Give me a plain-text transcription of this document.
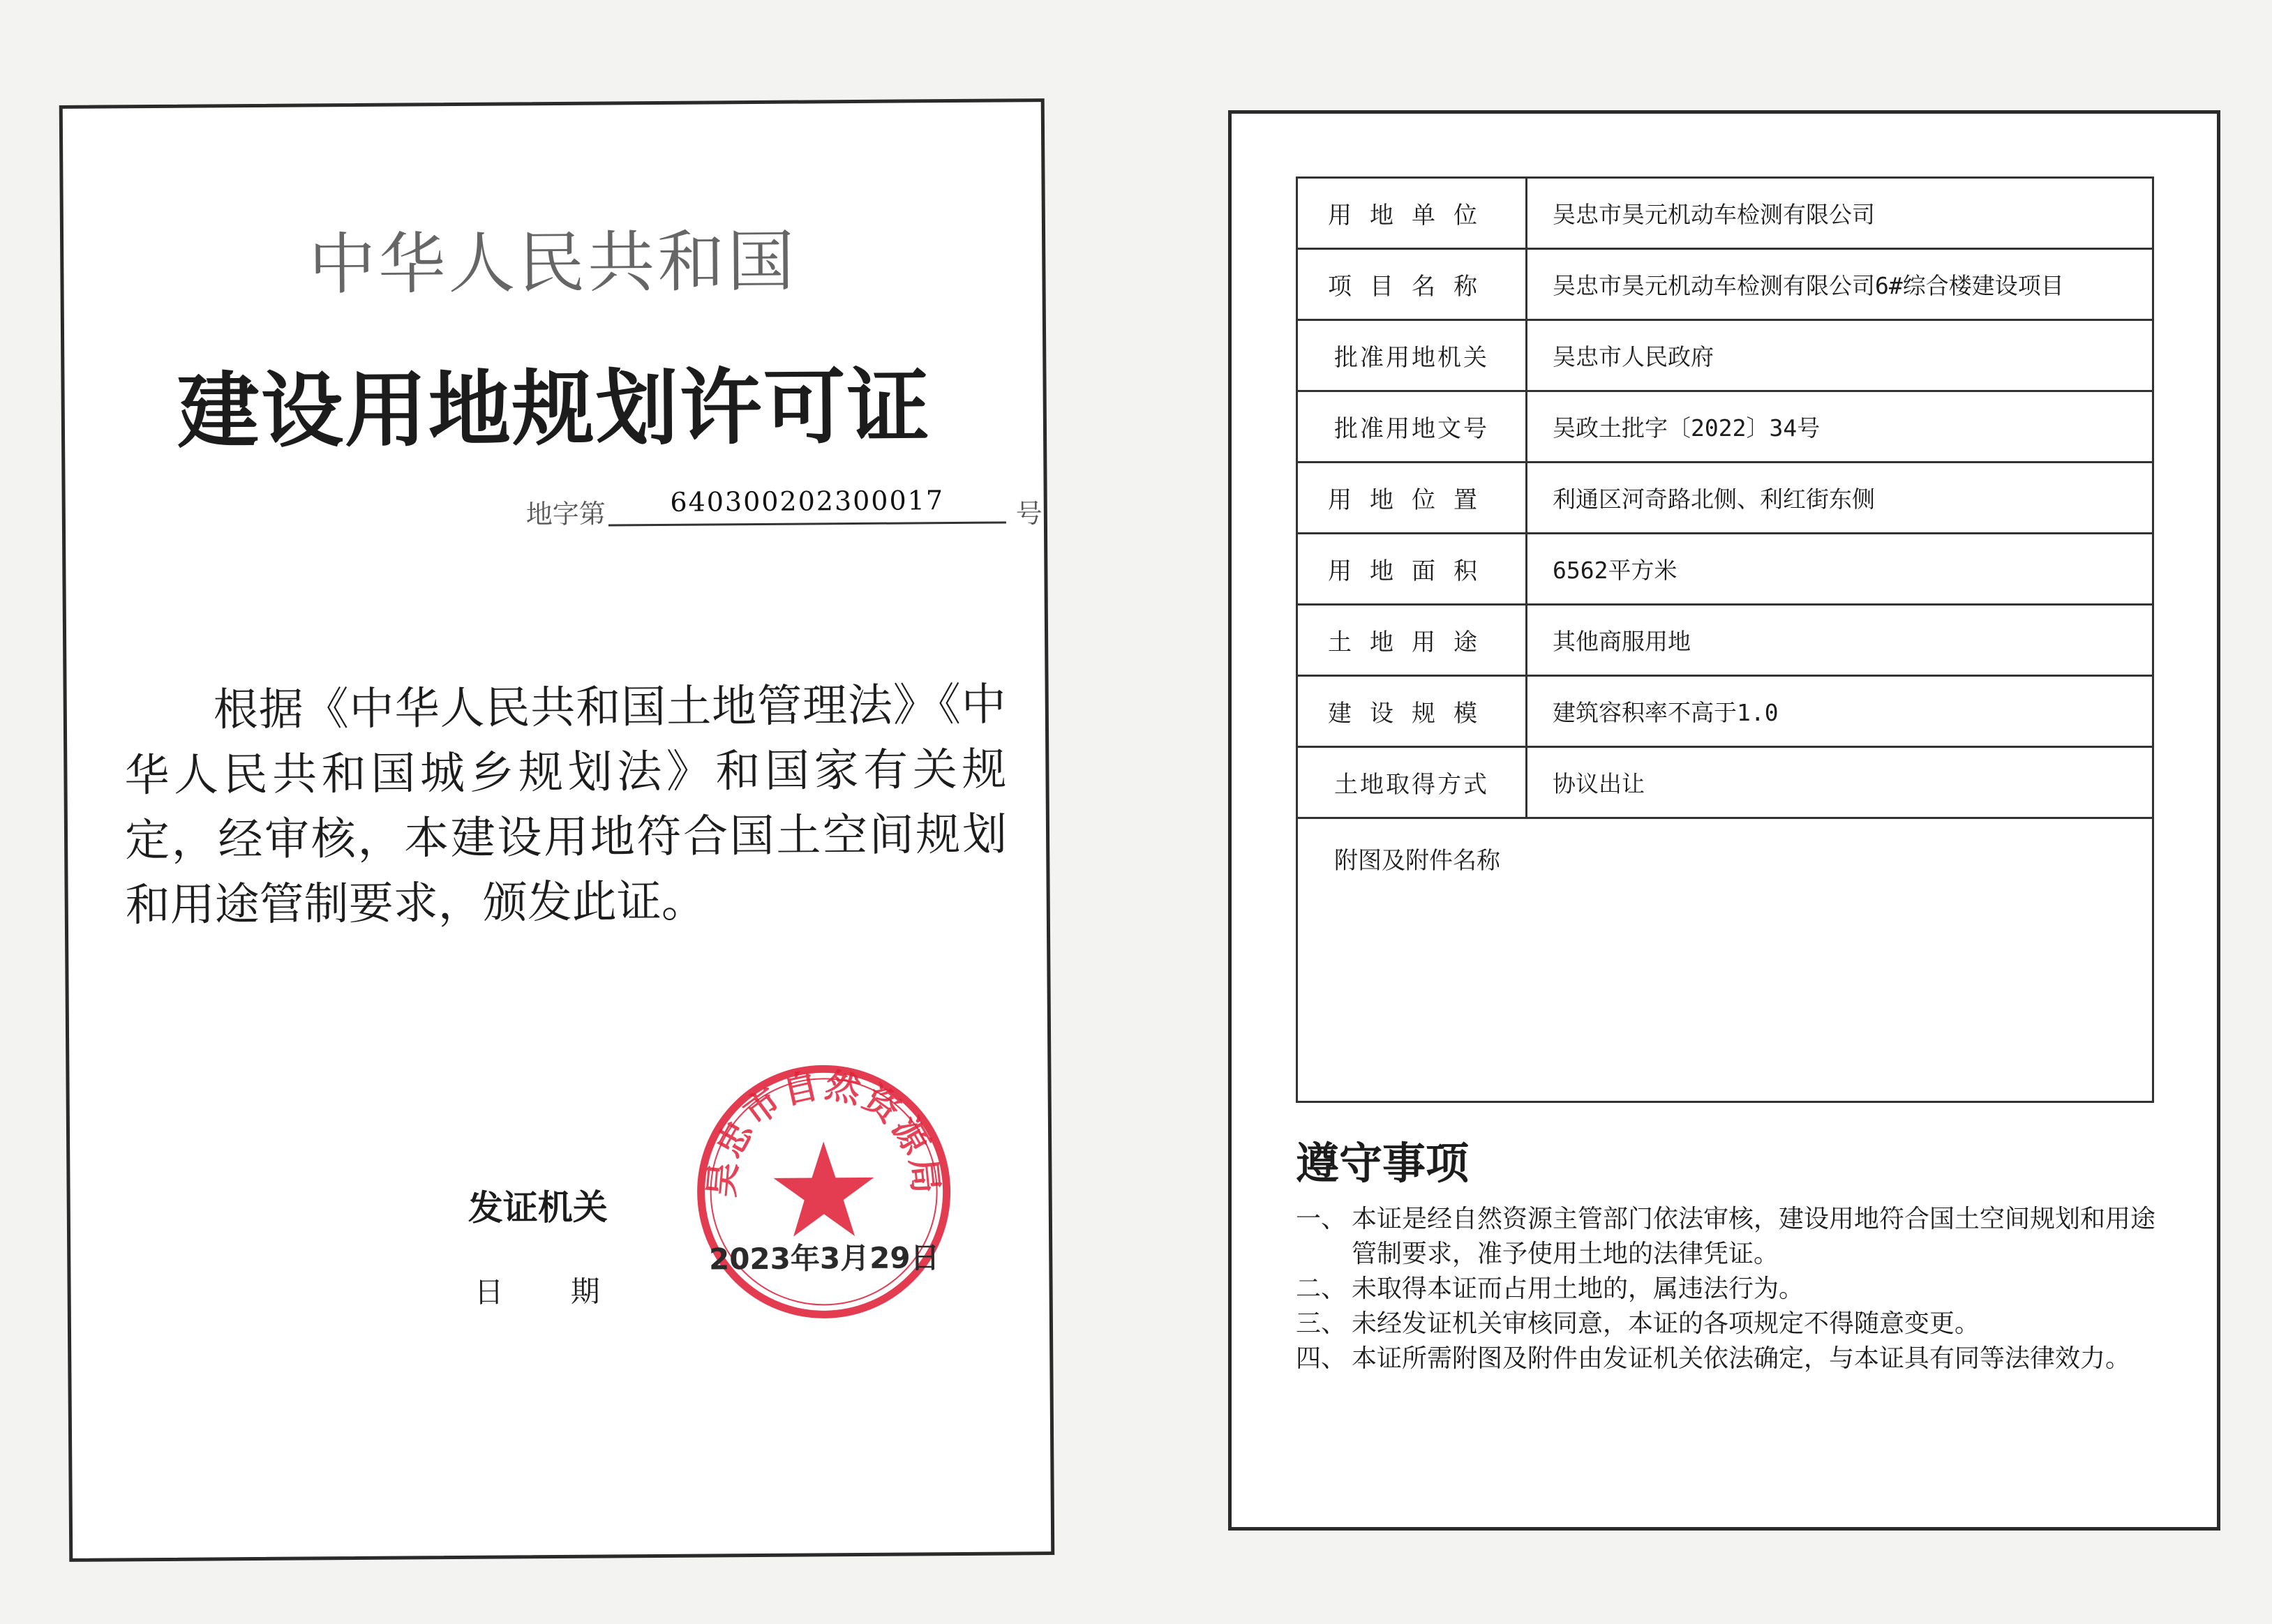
中华人民共和国
建设用地规划许可证
地字第	640300202300017	号
根据《中华人民共和国土地管理法》《中华人民共和国城乡规划法》和国家有关规定，经审核，本建设用地符合国土空间规划和用途管制要求，颁发此证。
发证机关
日期
吴忠市自然资源局
2023年3月29日
用地单位	吴忠市昊元机动车检测有限公司
项目名称	吴忠市昊元机动车检测有限公司6#综合楼建设项目
批准用地机关	吴忠市人民政府
批准用地文号	吴政土批字〔2022〕34号
用地位置	利通区河奇路北侧、利红街东侧
用地面积	6562平方米
土地用途	其他商服用地
建设规模	建筑容积率不高于1.0
土地取得方式	协议出让
附图及附件名称	
遵守事项
一、 本证是经自然资源主管部门依法审核，建设用地符合国土空间规划和用途管制要求，准予使用土地的法律凭证。
二、 未取得本证而占用土地的，属违法行为。
三、 未经发证机关审核同意，本证的各项规定不得随意变更。
四、 本证所需附图及附件由发证机关依法确定，与本证具有同等法律效力。
